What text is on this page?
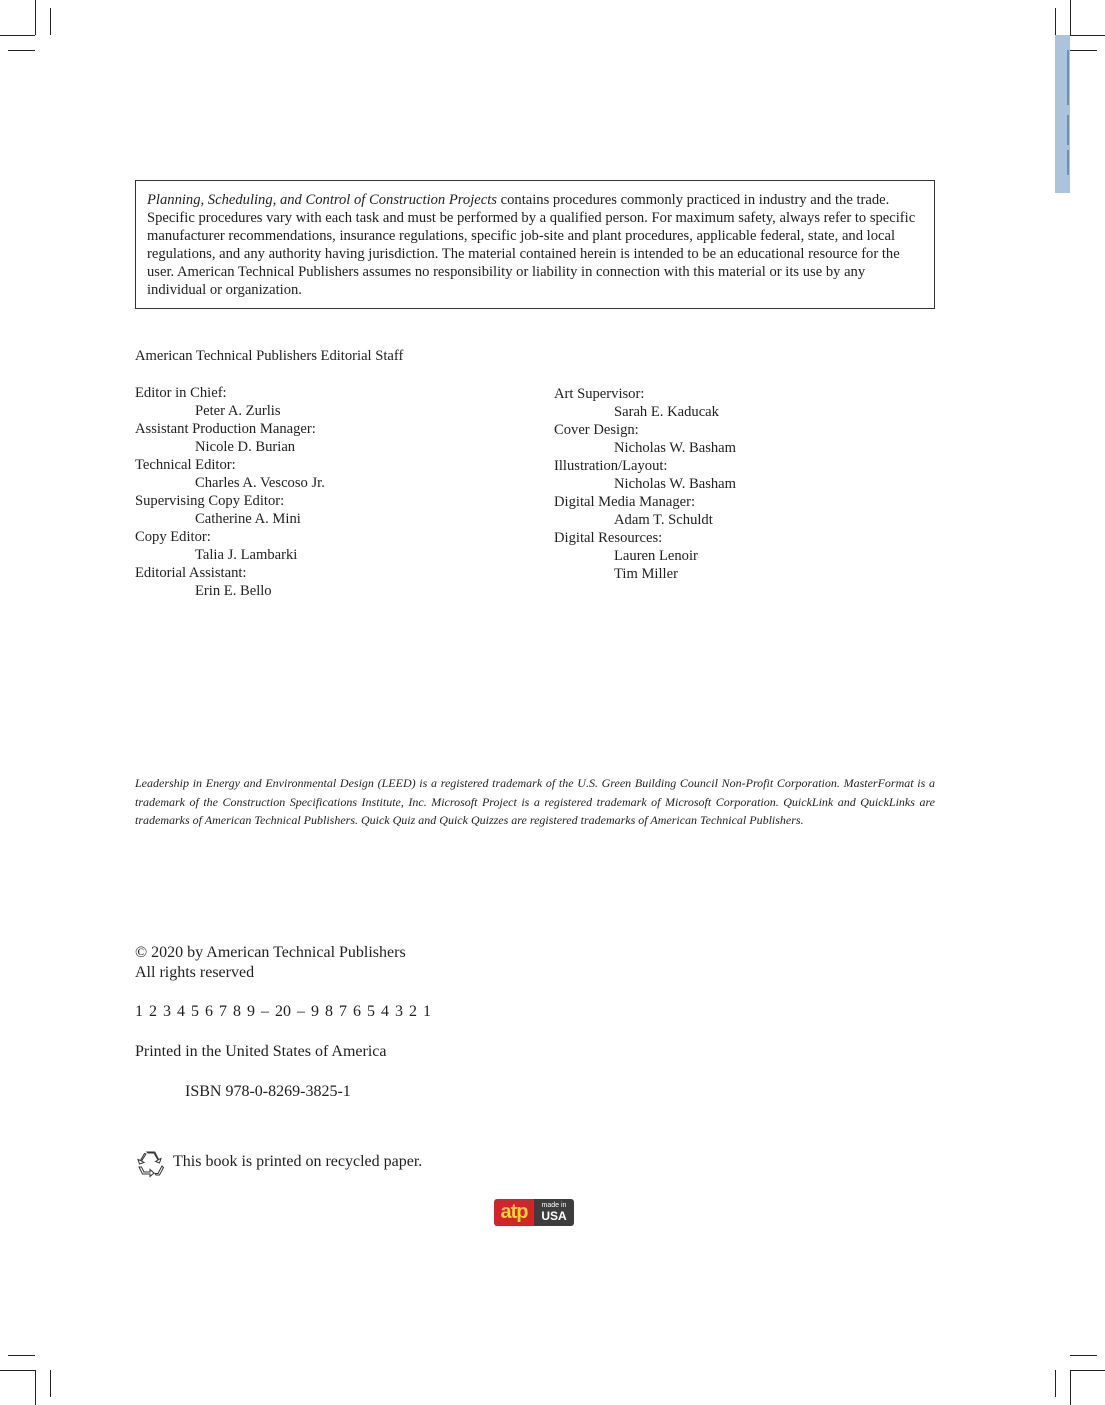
Planning, Scheduling, and Control of Construction Projects contains procedures commonly practiced in industry and the trade. Specific procedures vary with each task and must be performed by a qualified person. For maximum safety, always refer to specific manufacturer recommendations, insurance regulations, specific job-site and plant procedures, applicable federal, state, and local regulations, and any authority having jurisdiction. The material contained herein is intended to be an educational resource for the user. American Technical Publishers assumes no responsibility or liability in connection with this material or its use by any individual or organization.
American Technical Publishers Editorial Staff
Editor in Chief:
Peter A. Zurlis
Assistant Production Manager:
Nicole D. Burian
Technical Editor:
Charles A. Vescoso Jr.
Supervising Copy Editor:
Catherine A. Mini
Copy Editor:
Talia J. Lambarki
Editorial Assistant:
Erin E. Bello
Art Supervisor:
Sarah E. Kaducak
Cover Design:
Nicholas W. Basham
Illustration/Layout:
Nicholas W. Basham
Digital Media Manager:
Adam T. Schuldt
Digital Resources:
Lauren Lenoir
Tim Miller
Leadership in Energy and Environmental Design (LEED) is a registered trademark of the U.S. Green Building Council Non-Profit Corporation. MasterFormat is a trademark of the Construction Specifications Institute, Inc. Microsoft Project is a registered trademark of Microsoft Corporation. QuickLink and QuickLinks are trademarks of American Technical Publishers. Quick Quiz and Quick Quizzes are registered trademarks of American Technical Publishers.
© 2020 by American Technical Publishers
All rights reserved
1 2 3 4 5 6 7 8 9 – 20 – 9 8 7 6 5 4 3 2 1
Printed in the United States of America
ISBN 978-0-8269-3825-1
This book is printed on recycled paper.
atp	made in
USA
